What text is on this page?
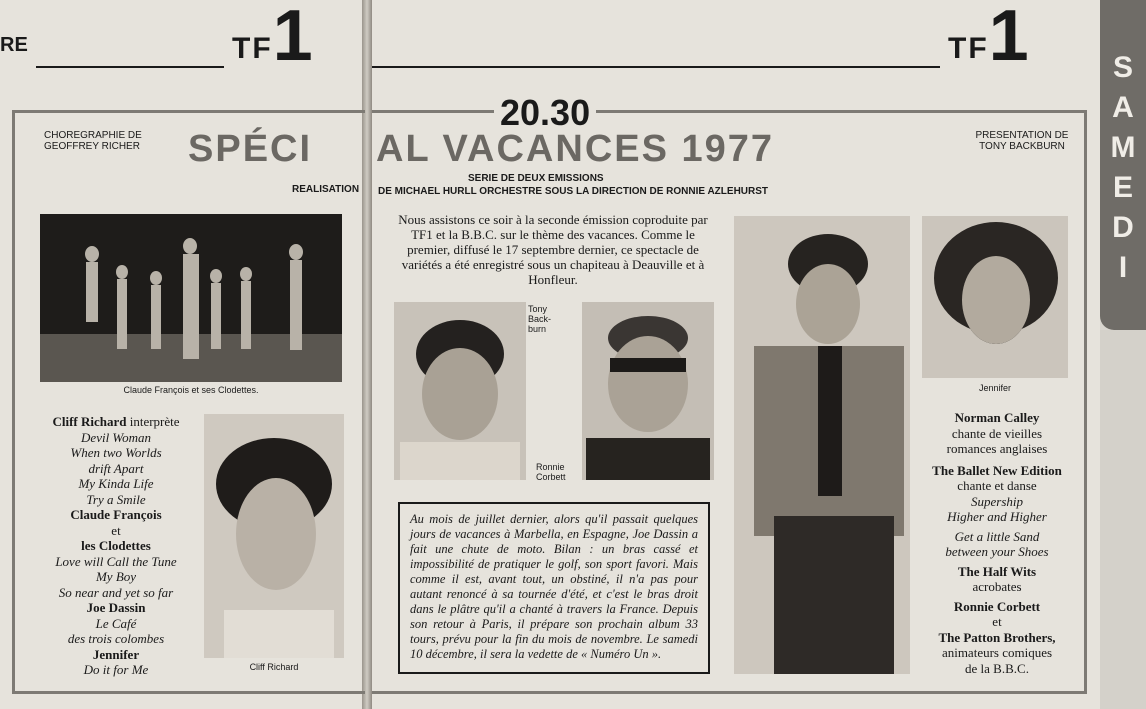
RE	TF1	TF1	S
A
M
E
D
I
20.30
CHOREGRAPHIE DE GEOFFREY RICHER
PRESENTATION DE TONY BACKBURN
SPÉCI AL VACANCES 1977
SERIE DE DEUX EMISSIONS
REALISATION DE MICHAEL HURLL ORCHESTRE SOUS LA DIRECTION DE RONNIE AZLEHURST
Claude François et ses Clodettes.
Cliff Richard
Cliff Richard interprète
Devil Woman
When two Worlds
drift Apart
My Kinda Life
Try a Smile
Claude François
et
les Clodettes
Love will Call the Tune
My Boy
So near and yet so far
Joe Dassin
Le Café
des trois colombes
Jennifer
Do it for Me
Nous assistons ce soir à la seconde émission coproduite par TF1 et la B.B.C. sur le thème des vacances. Comme le premier, diffusé le 17 septembre dernier, ce spectacle de variétés a été enregistré sous un chapiteau à Deauville et à Honfleur.
Tony Back-burn
Ronnie Corbett
Au mois de juillet dernier, alors qu'il passait quelques jours de vacances à Marbella, en Espagne, Joe Dassin a fait une chute de moto. Bilan : un bras cassé et impossibilité de pratiquer le golf, son sport favori. Mais comme il est, avant tout, un obstiné, il n'a pas pour autant renoncé à sa tournée d'été, et c'est le bras droit dans le plâtre qu'il a chanté à travers la France. Depuis son retour à Paris, il prépare son prochain album 33 tours, prévu pour la fin du mois de novembre. Le samedi 10 décembre, il sera la vedette de « Numéro Un ».
Jennifer
Norman Calley
chante de vieilles
romances anglaises
The Ballet New Edition
chante et danse
Supership
Higher and Higher
Get a little Sand
between your Shoes
The Half Wits
acrobates
Ronnie Corbett
et
The Patton Brothers,
animateurs comiques
de la B.B.C.
